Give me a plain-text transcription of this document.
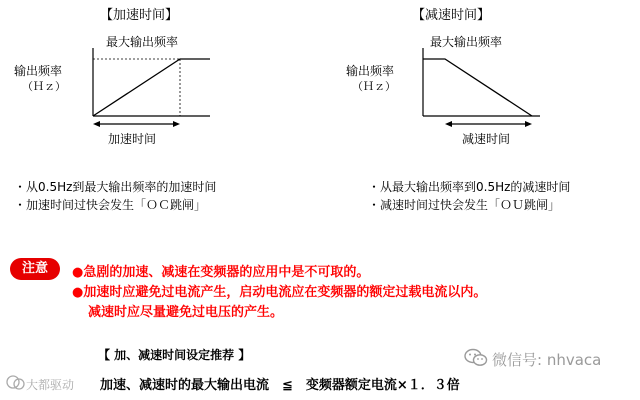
【加速时间】
最大输出频率
输出频率
（Ｈｚ）
加速时间
・从0.5Hz到最大输出频率的加速时间
・加速时间过快会发生「ＯＣ跳闸」
【减速时间】
最大输出频率
输出频率
（Ｈｚ）
减速时间
・从最大输出频率到0.5Hz的减速时间
・减速时间过快会发生「ＯＵ跳闸」
注意	●急剧的加速、减速在变频器的应用中是不可取的。
●加速时应避免过电流产生，启动电流应在变频器的额定过载电流以内。
减速时应尽量避免过电压的产生。
【 加、减速时间设定推荐 】
加速、减速时的最大输出电流　≦　变频器额定电流×１．３倍
微信号: nhvaca
大都驱动
